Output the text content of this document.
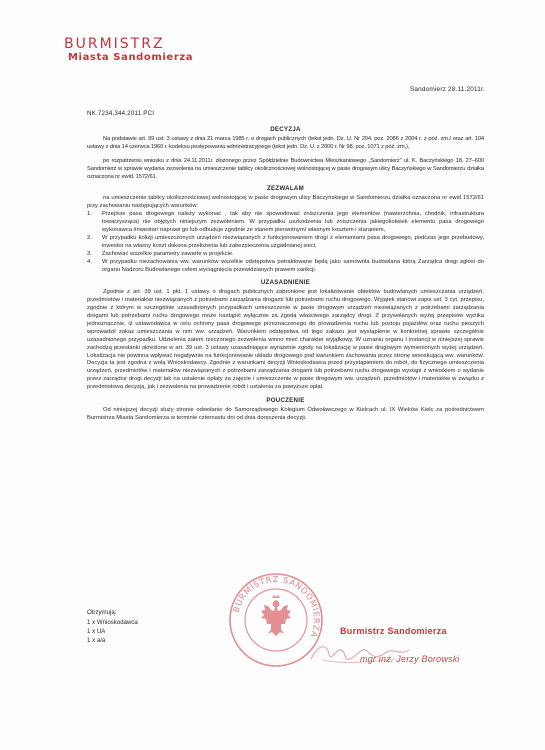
BURMISTRZ
Miasta Sandomierza
Sandomierz 28.11.2011r.
NK.7234.344.2011.PCI
DECYZJA

Na podstawie art. 39 ust. 3 ustawy z dnia 21 marca 1985 r. o drogach publicznych (tekst jedn. Dz. U. Nr 204, poz. 2086 z 2004 r. z póź. zm./ oraz art. 104 ustawy z dnia 14 czerwca 1960 r. kodeksu postępowania administracyjnego (tekst jedn. Dz. U. z 2000 r. Nr 98, poz. 1071 z póź. zm.),

po rozpatrzeniu wniosku z dnia 24.11.2011r. złożonego przez Spółdzielnie Budownictwa Mieszkaniowego „Sandomierz" ul. K. Baczyńskiego 18, 27–600 Sandomierz w sprawie wydania zezwolenia na umieszczenie tablicy okolicznościowej wolnostojącej w pasie drogowym ulicy Baczyńskiego w Sandomierzu działka oznaczona nr ewid. 1572/61.

ZEZWALAM

na umieszczenie tablicy okolicznościowej wolnostojącej w pasie drogowym ulicy Baczyńskiego w Sandomierzu działka oznaczona nr ewid 1572/61 przy zachowaniu następujących warunków:

1.	Przejście pasa drogowego należy wykonać , tak aby nie spowodować zniszczenia jego elementów (nawierzchnia, chodnik, infrastruktura towarzysząca) nie objętych niniejszym zezwoleniem. W przypadku uszkodzenia lub zniszczenia jakiegokolwiek elementu pasa drogowego wykonawca /inwestor/ naprawi go lub odbuduje zgodnie ze stanem pierwotnym/ własnym kosztem i staraniem,
2.	W przypadku kolizji umieszczonych urządzeń niezwiązanych z funkcjonowaniem drogi z elementami pasa drogowego, podczas jego przebudowy, inwestor na własny koszt dokona przełożenia lub zabezpieczenia uzgadnianej sieci,
3.	Zachować wszelkie parametry zawarte w projekcie.
4.	W przypadku niezachowania ww. warunków wszelkie odstępstwa potraktowane będą jako samowola budowlana którą Zarządca drogi zgłosi do organu Nadzoru Budowlanego celem wyciągnięcia przewidzianych prawem sankcji.
UZASADNIENIE

Zgodnie z art. 39 ust. 1 pkt. 1 ustawy o drogach publicznych zabronione jest lokalizowanie obiektów budowlanych umieszczania urządzeń, przedmiotów i materiałów niezwiązanych z potrzebami zarządzania drogami lub potrzebami ruchu drogowego. Wyjątek stanowi zapis ust. 3 cyt. przepisu, zgodnie z którym w szczególnie uzasadnionych przypadkach umieszczenie w pasie drogowym urządzeń niezwiązanych z potrzebami zarządzania drogami lub potrzebami ruchu drogowego może nastąpić wyłącznie za zgodą właściwego zarządcy drogi. Z przywołanych wyżej przepisów wynika jednoznacznie, iż ustawodawca w celu ochrony pasa drogowego przeznaczonego do prowadzenia ruchu lub postoju pojazdów oraz ruchu pieszych wprowadził zakaz umieszczania w nim ww. urządzeń. Warunkiem odstępstwa od tego zakazu jest wystąpienie w konkretnej sprawie szczególnie uzasadnionego przypadku. Udzielenia zatem rzeczonego zezwolenia winno mieć charakter wyjątkowy. W uznaniu organu I instancji w niniejszej sprawie zachodzą przesłanki określone w art. 39 ust. 3 ustawy uzasadniające wyrażenie zgody na lokalizację w pasie drogowym wymienionych wyżej urządzeń. Lokalizacja nie powinna wpływać negatywnie na funkcjonowanie układu drogowego pod warunkiem zachowania przez stronę wnioskującą ww. warunków. Decyzja ta jest zgodna z wolą Wnioskodawcy. Zgodnie z warunkami decyzji Wnioskodawca przed przystąpieniem do robót, do fizycznego umieszczenia urządzeń, przedmiotów i materiałów niezwiązanych z potrzebami zarządzania drogami lub potrzebami ruchu drogowego wystąpi z wnioskiem o wydanie przez zarządcę drogi decyzji tak na ustalenie opłaty za zajęcie i umieszczenie w pasie drogowym ww. urządzeń, przedmiotów i materiałów w związku z przedmiotowa decyzją, jak i zezwolenia na prowadzenie robót i ustalenia za powyższe opłat.

POUCZENIE

Od niniejszej decyzji służy stronie odwołanie do Samorządowego Kolegium Odwoławczego w Kielcach ul. IX Wieków Kielc za pośrednictwem Burmistrza Miasta Sandomierza w terminie czternastu dni od dnia doręczenia decyzji.

Otrzymują:
1 x Wnioskodawca
1 x UA
1 x a/a
BURMISTRZ SANDOMIERZA Burmistrz Sandomierza
mgr inż. Jerzy Borowski
